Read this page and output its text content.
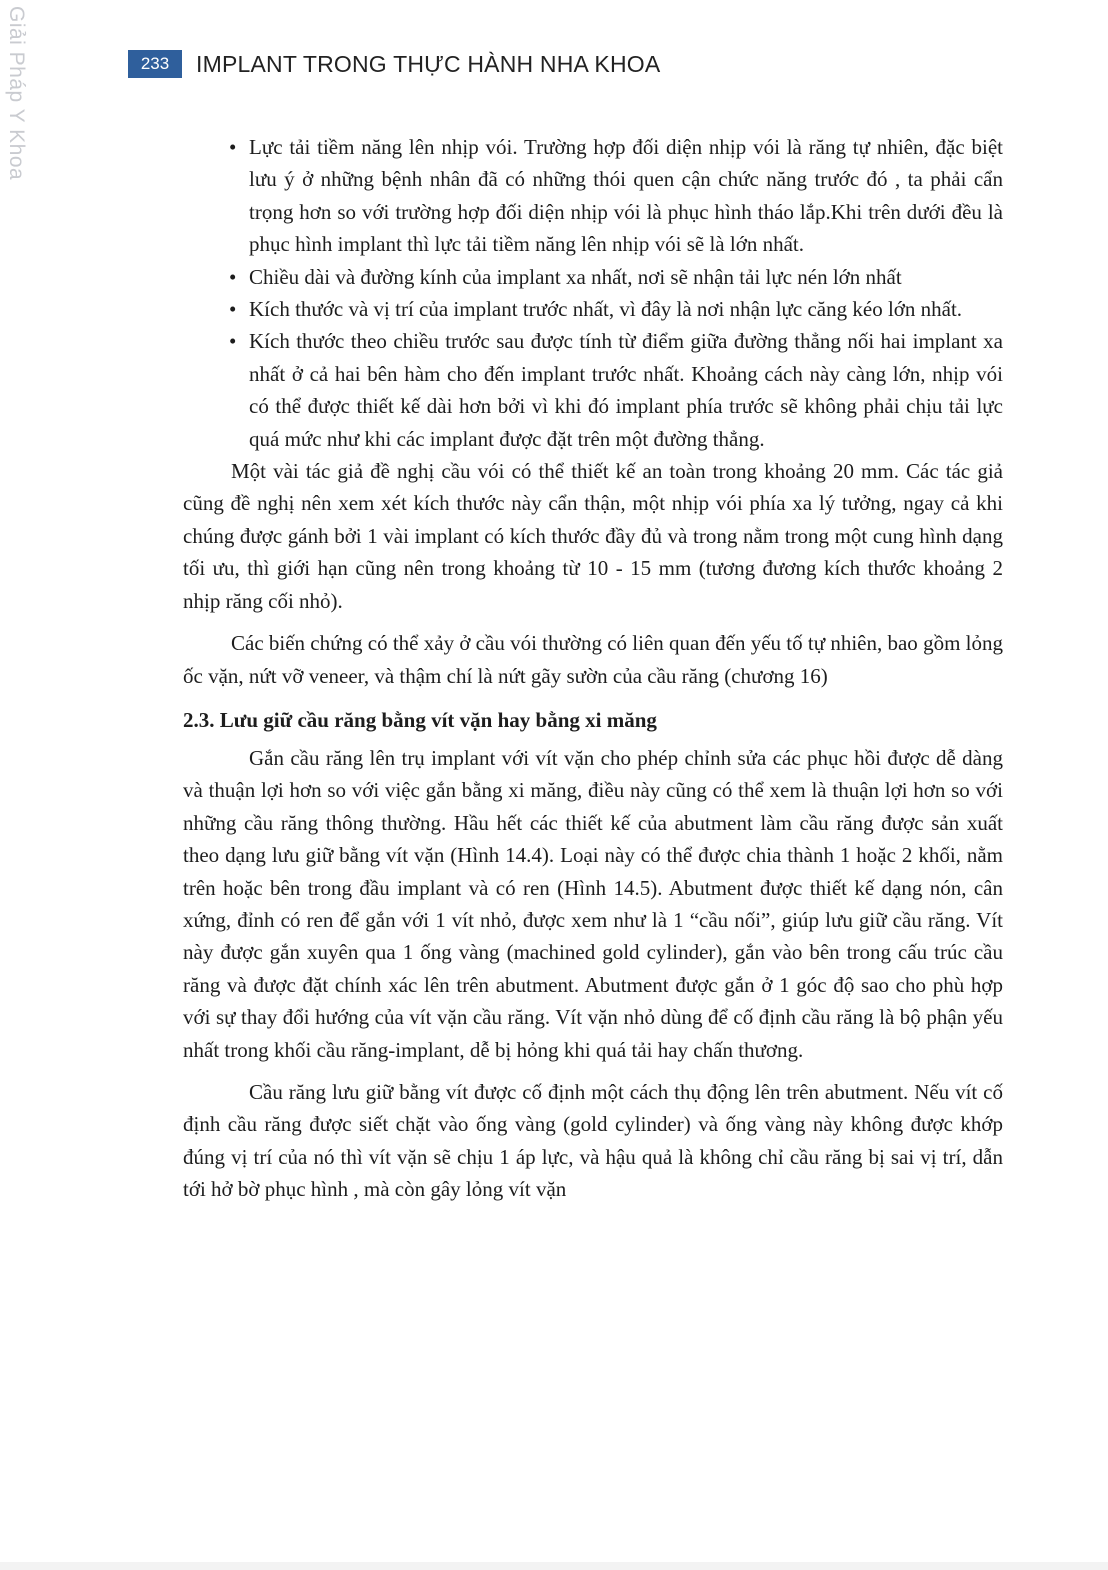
Giải Pháp Y Khoa	233	IMPLANT TRONG THỰC HÀNH NHA KHOA
• Lực tải tiềm năng lên nhịp vói. Trường hợp đối diện nhịp vói là răng tự nhiên, đặc biệt lưu ý ở những bệnh nhân đã có những thói quen cận chức năng trước đó , ta phải cẩn trọng hơn so với trường hợp đối diện nhịp vói là phục hình tháo lắp.Khi trên dưới đều là phục hình implant thì lực tải tiềm năng lên nhịp vói sẽ là lớn nhất.
• Chiều dài và đường kính của implant xa nhất, nơi sẽ nhận tải lực nén lớn nhất
• Kích thước và vị trí của implant trước nhất, vì đây là nơi nhận lực căng kéo lớn nhất.
• Kích thước theo chiều trước sau được tính từ điểm giữa đường thẳng nối hai implant xa nhất ở cả hai bên hàm cho đến implant trước nhất. Khoảng cách này càng lớn, nhịp vói có thể được thiết kế dài hơn bởi vì khi đó implant phía trước sẽ không phải chịu tải lực quá mức như khi các implant được đặt trên một đường thẳng.

Một vài tác giả đề nghị cầu vói có thể thiết kế an toàn trong khoảng 20 mm. Các tác giả cũng đề nghị nên xem xét kích thước này cẩn thận, một nhịp vói phía xa lý tưởng, ngay cả khi chúng được gánh bởi 1 vài implant có kích thước đầy đủ và trong nằm trong một cung hình dạng tối ưu, thì giới hạn cũng nên trong khoảng từ 10 - 15 mm (tương đương kích thước khoảng 2 nhịp răng cối nhỏ).

Các biến chứng có thể xảy ở cầu vói thường có liên quan đến yếu tố tự nhiên, bao gồm lỏng ốc vặn, nứt vỡ veneer, và thậm chí là nứt gãy sườn của cầu răng (chương 16)

2.3. Lưu giữ cầu răng bằng vít vặn hay bằng xi măng

Gắn cầu răng lên trụ implant với vít vặn cho phép chỉnh sửa các phục hồi được dễ dàng và thuận lợi hơn so với việc gắn bằng xi măng, điều này cũng có thể xem là thuận lợi hơn so với những cầu răng thông thường. Hầu hết các thiết kế của abutment làm cầu răng được sản xuất theo dạng lưu giữ bằng vít vặn (Hình 14.4). Loại này có thể được chia thành 1 hoặc 2 khối, nằm trên hoặc bên trong đầu implant và có ren (Hình 14.5). Abutment được thiết kế dạng nón, cân xứng, đỉnh có ren để gắn với 1 vít nhỏ, được xem như là 1 “cầu nối”, giúp lưu giữ cầu răng. Vít này được gắn xuyên qua 1 ống vàng (machined gold cylinder), gắn vào bên trong cấu trúc cầu răng và được đặt chính xác lên trên abutment. Abutment được gắn ở 1 góc độ sao cho phù hợp với sự thay đổi hướng của vít vặn cầu răng. Vít vặn nhỏ dùng để cố định cầu răng là bộ phận yếu nhất trong khối cầu răng-implant, dễ bị hỏng khi quá tải hay chấn thương.

Cầu răng lưu giữ bằng vít được cố định một cách thụ động lên trên abutment. Nếu vít cố định cầu răng được siết chặt vào ống vàng (gold cylinder) và ống vàng này không được khớp đúng vị trí của nó thì vít vặn sẽ chịu 1 áp lực, và hậu quả là không chỉ cầu răng bị sai vị trí, dẫn tới hở bờ phục hình , mà còn gây lỏng vít vặn
